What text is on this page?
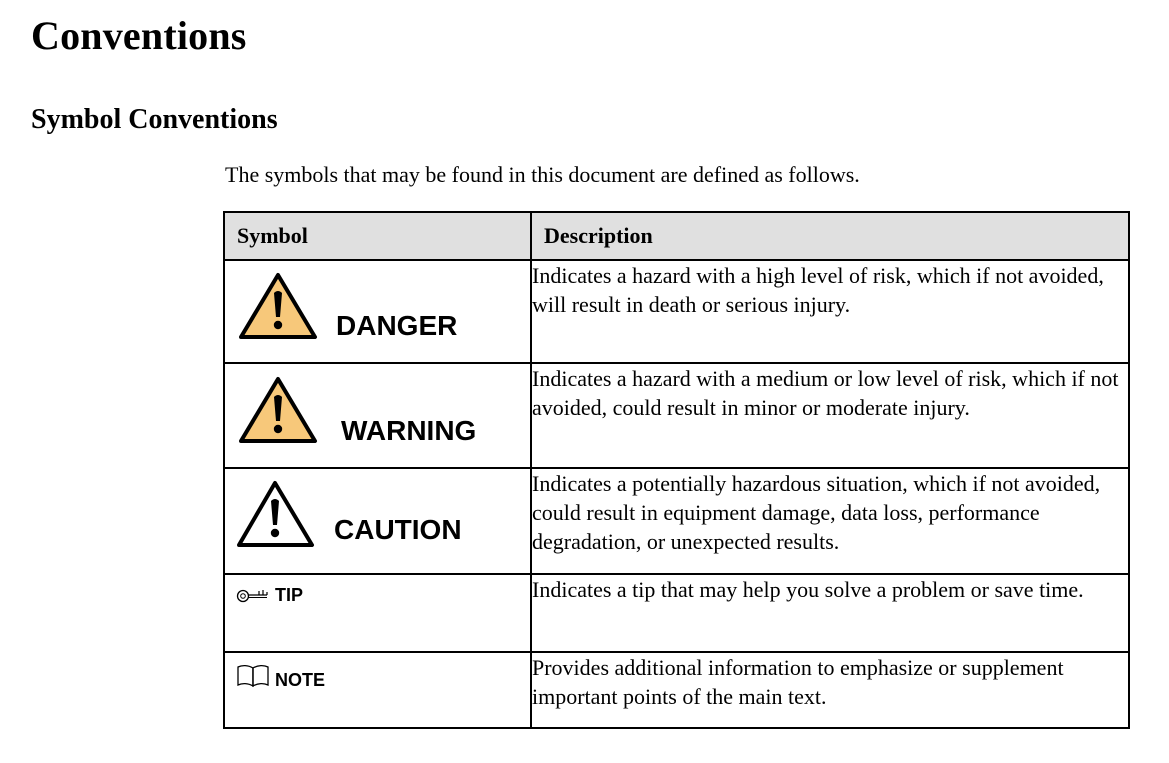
Conventions
Symbol Conventions

The symbols that may be found in this document are defined as follows.

Symbol	Description

DANGER	Indicates a hazard with a high level of risk, which if not avoided, will result in death or serious injury.

WARNING	Indicates a hazard with a medium or low level of risk, which if not avoided, could result in minor or moderate injury.

CAUTION	Indicates a potentially hazardous situation, which if not avoided, could result in equipment damage, data loss, performance degradation, or unexpected results.

TIP	Indicates a tip that may help you solve a problem or save time.

NOTE	Provides additional information to emphasize or supplement important points of the main text.
